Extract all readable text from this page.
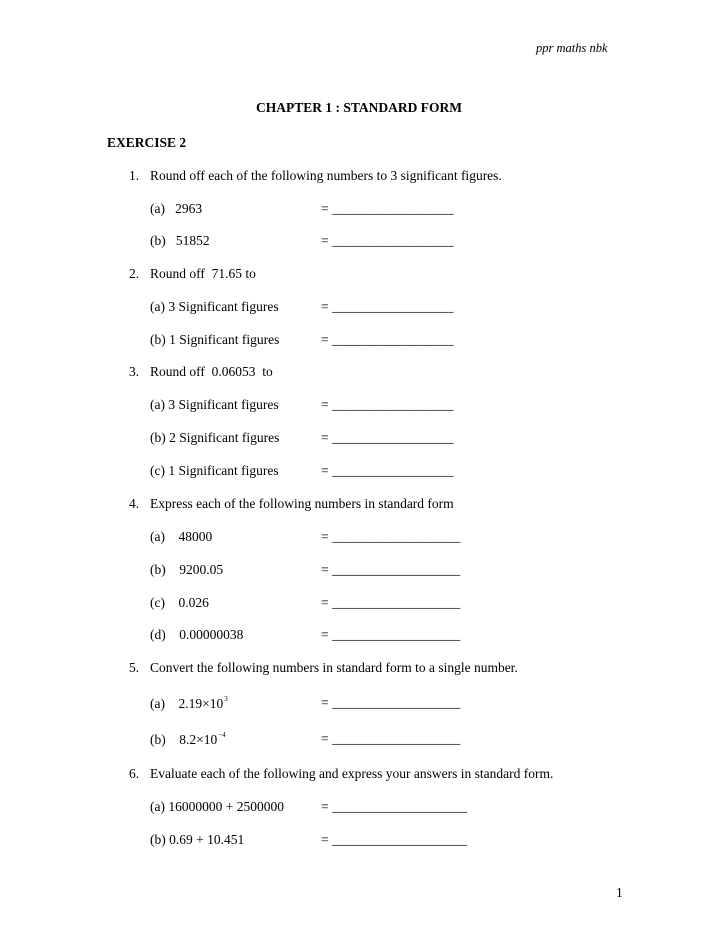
ppr maths nbk
CHAPTER 1 : STANDARD FORM
EXERCISE 2
1. Round off each of the following numbers to 3 significant figures.
(a)   2963	= __________________
(b)   51852	= __________________
2. Round off  71.65 to
(a) 3 Significant figures	= __________________
(b) 1 Significant figures	= __________________
3. Round off  0.06053  to
(a) 3 Significant figures	= __________________
(b) 2 Significant figures	= __________________
(c) 1 Significant figures	= __________________
4. Express each of the following numbers in standard form
(a)    48000	= ___________________
(b)    9200.05	= ___________________
(c)    0.026	= ___________________
(d)    0.00000038	= ___________________
5. Convert the following numbers in standard form to a single number.
(a)    $2.19\times 10^3$	= ___________________
(b)    $8.2\times 10^{-4}$	= ___________________
6. Evaluate each of the following and express your answers in standard form.
(a) 16000000 + 2500000	= ____________________
(b) 0.69 + 10.451	= ____________________
1
